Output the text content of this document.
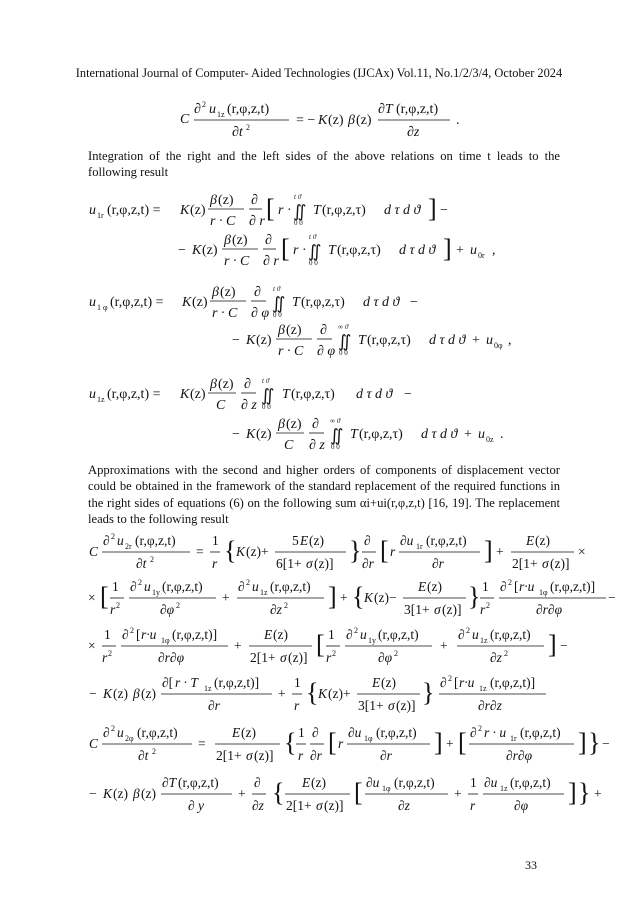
International Journal of Computer- Aided Technologies (IJCAx) Vol.11, No.1/2/3/4, October 2024
C
∂ 2 u 1z (r,φ,z,t)
∂t 2	= − K (z) β (z)
∂T (r,φ,z,t)
∂z
.
Integration of the right and the left sides of the above relations on time t leads to the following result
u 1r (r,φ,z,t) = K (z)
β (z)
r · C
∂
∂ r [ r · ∬
t ϑ
0 0
T (r,φ,z,τ) d τ d ϑ ] −
− K (z)
β (z)
r · C
∂
∂ r [ r · ∬
t ϑ
0 0
T (r,φ,z,τ) d τ d ϑ ] + u 0r ,
u 1 φ (r,φ,z,t) = K (z)
β (z)
r · C
∂
∂ φ
∬
t ϑ
0 0
T (r,φ,z,τ) d τ d ϑ −
− K (z)
β (z)
r · C
∂
∂ φ
∬
∞ ϑ
0 0
T (r,φ,z,τ) d τ d ϑ + u 0φ ,
u 1z (r,φ,z,t) = K (z)
β (z)
C
∂
∂ z
∬
t ϑ
0 0
T (r,φ,z,τ) d τ d ϑ −
− K (z)
β (z)
C
∂
∂ z
∬
∞ ϑ
0 0
T (r,φ,z,τ) d τ d ϑ + u 0z .
Approximations with the second and higher orders of components of displacement vector could be obtained in the framework of the standard replacement of the required functions in the right sides of equations (6) on the following sum αi+ui(r,φ,z,t) [16, 19]. The replacement leads to the following result
C
∂ 2 u 2r (r,φ,z,t)
∂t 2
=
1
r { K (z)+
5 E (z)
6[1+ σ (z)] } ∂
∂r [ r
∂u 1r (r,φ,z,t)
∂r ] +
E (z)
2[1+ σ (z)]
×
× [ 1
r 2
∂ 2 u 1y (r,φ,z,t)
∂φ 2
+
∂ 2 u 1z (r,φ,z,t)
∂z 2 ] + { K (z)−
E (z)
3[1+ σ (z)] } 1
r 2
∂ 2 [ r·u 1φ (r,φ,z,t)]
∂r∂φ
−
×
1
r 2
∂ 2 [ r·u 1φ (r,φ,z,t)]
∂r∂φ
+
E (z)
2[1+ σ (z)] [ 1
r 2
∂ 2 u 1y (r,φ,z,t)
∂φ 2
+
∂ 2 u 1z (r,φ,z,t)
∂z 2 ] −
− K (z) β (z)
∂[ r · T 1z (r,φ,z,t)]
∂r
+
1
r { K (z)+
E (z)
3[1+ σ (z)] } ∂ 2 [ r·u 1z (r,φ,z,t)]
∂r∂z
C
∂ 2 u 2φ (r,φ,z,t)
∂t 2
=
E (z)
2[1+ σ (z)] { 1
r
∂
∂r [ r
∂u 1φ (r,φ,z,t)
∂r ] + [ ∂ 2 r · u 1r (r,φ,z,t)
∂r∂φ ] } −
− K (z) β (z)
∂T (r,φ,z,t)
∂ y
+
∂
∂z { E (z)
2[1+ σ (z)] [ ∂u 1φ (r,φ,z,t)
∂z
+
1
r
∂u 1z (r,φ,z,t)
∂φ ] } +
33
